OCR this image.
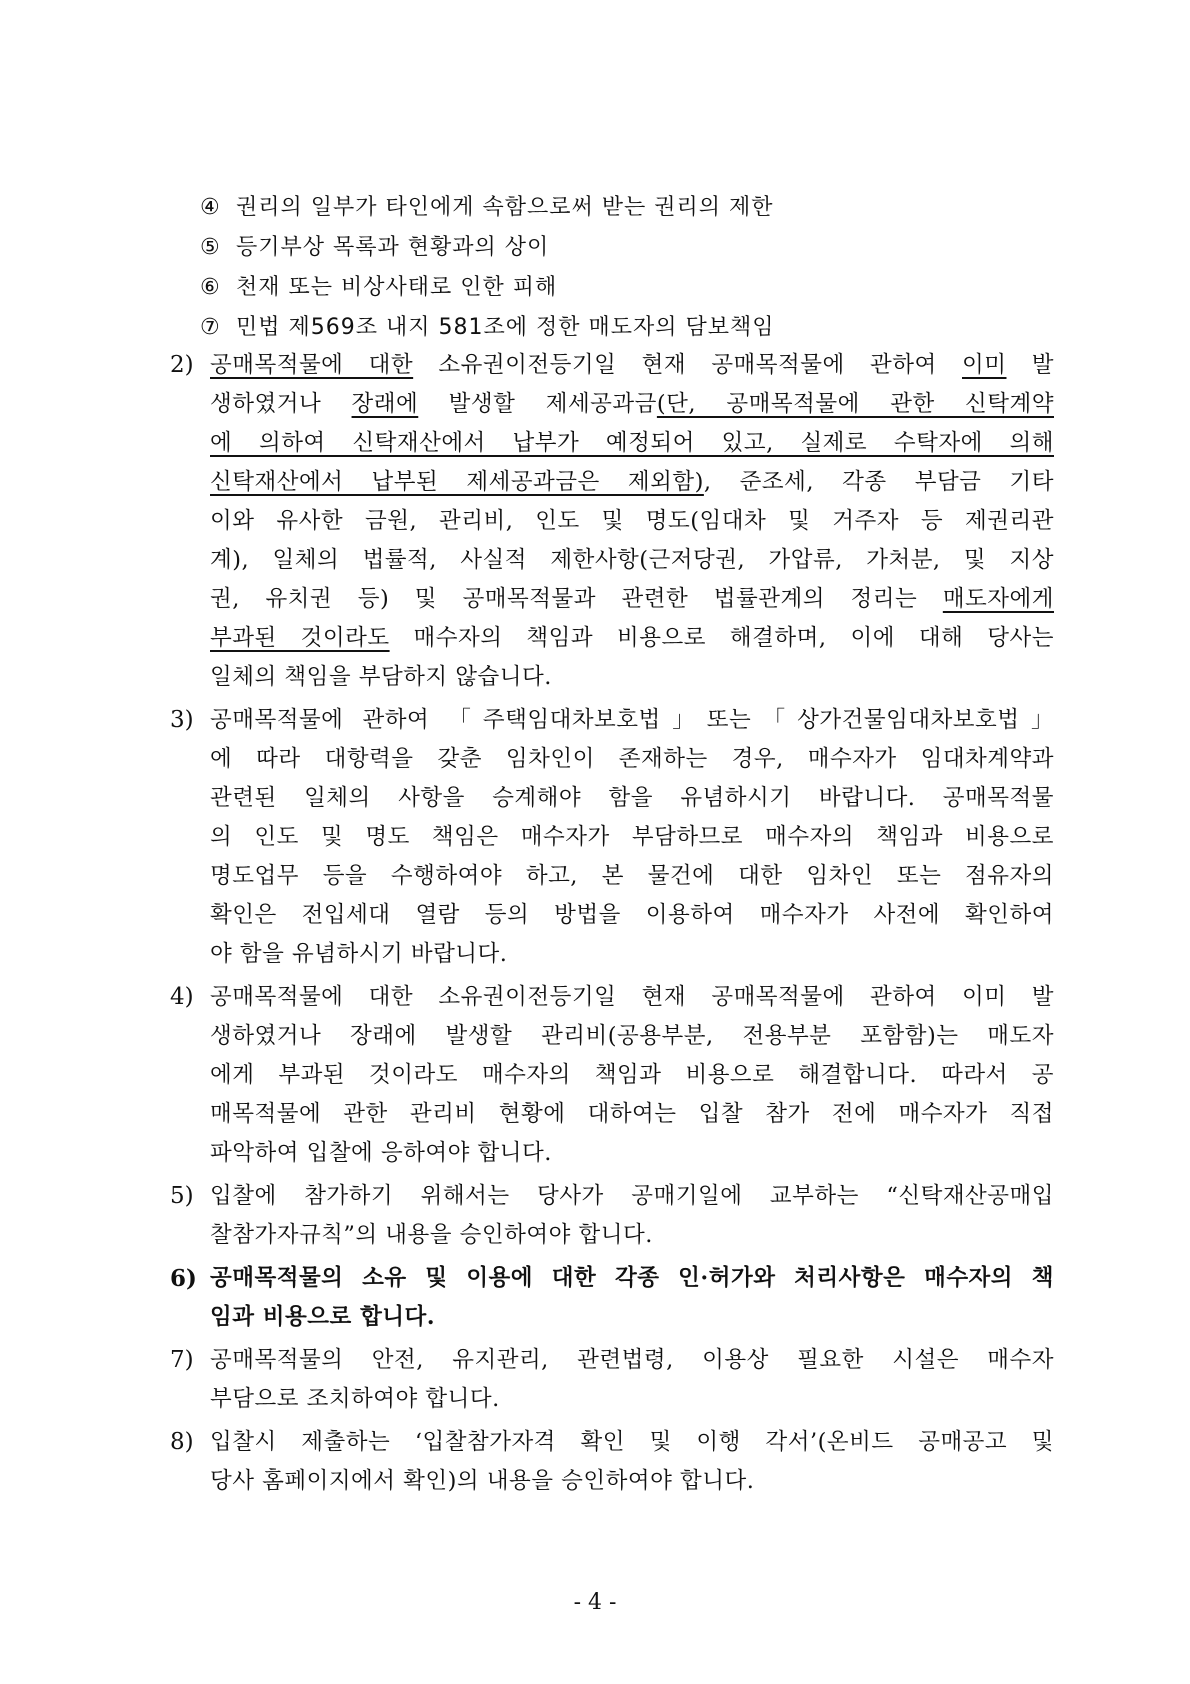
④ 권리의 일부가 타인에게 속함으로써 받는 권리의 제한
⑤ 등기부상 목록과 현황과의 상이
⑥ 천재 또는 비상사태로 인한 피해
⑦ 민법 제569조 내지 581조에 정한 매도자의 담보책임
2) 공매목적물에 대한 소유권이전등기일 현재 공매목적물에 관하여 이미 발
생하였거나 장래에 발생할 제세공과금(단, 공매목적물에 관한 신탁계약
에 의하여 신탁재산에서 납부가 예정되어 있고, 실제로 수탁자에 의해
신탁재산에서 납부된 제세공과금은 제외함), 준조세, 각종 부담금 기타
이와 유사한 금원, 관리비, 인도 및 명도(임대차 및 거주자 등 제권리관
계), 일체의 법률적, 사실적 제한사항(근저당권, 가압류, 가처분, 및 지상
권, 유치권 등) 및 공매목적물과 관련한 법률관계의 정리는 매도자에게
부과된 것이라도 매수자의 책임과 비용으로 해결하며, 이에 대해 당사는
일체의 책임을 부담하지 않습니다.
3) 공매목적물에 관하여 「주택임대차보호법」또는「상가건물임대차보호법」
에 따라 대항력을 갖춘 임차인이 존재하는 경우, 매수자가 임대차계약과
관련된 일체의 사항을 승계해야 함을 유념하시기 바랍니다. 공매목적물
의 인도 및 명도 책임은 매수자가 부담하므로 매수자의 책임과 비용으로
명도업무 등을 수행하여야 하고, 본 물건에 대한 임차인 또는 점유자의
확인은 전입세대 열람 등의 방법을 이용하여 매수자가 사전에 확인하여
야 함을 유념하시기 바랍니다.
4) 공매목적물에 대한 소유권이전등기일 현재 공매목적물에 관하여 이미 발
생하였거나 장래에 발생할 관리비(공용부분, 전용부분 포함함)는 매도자
에게 부과된 것이라도 매수자의 책임과 비용으로 해결합니다. 따라서 공
매목적물에 관한 관리비 현황에 대하여는 입찰 참가 전에 매수자가 직접
파악하여 입찰에 응하여야 합니다.
5) 입찰에 참가하기 위해서는 당사가 공매기일에 교부하는 “신탁재산공매입
찰참가자규칙”의 내용을 승인하여야 합니다.
6) 공매목적물의 소유 및 이용에 대한 각종 인·허가와 처리사항은 매수자의 책
임과 비용으로 합니다.
7) 공매목적물의 안전, 유지관리, 관련법령, 이용상 필요한 시설은 매수자
부담으로 조치하여야 합니다.
8) 입찰시 제출하는 ‘입찰참가자격 확인 및 이행 각서’(온비드 공매공고 및
당사 홈페이지에서 확인)의 내용을 승인하여야 합니다.
- 4 -
